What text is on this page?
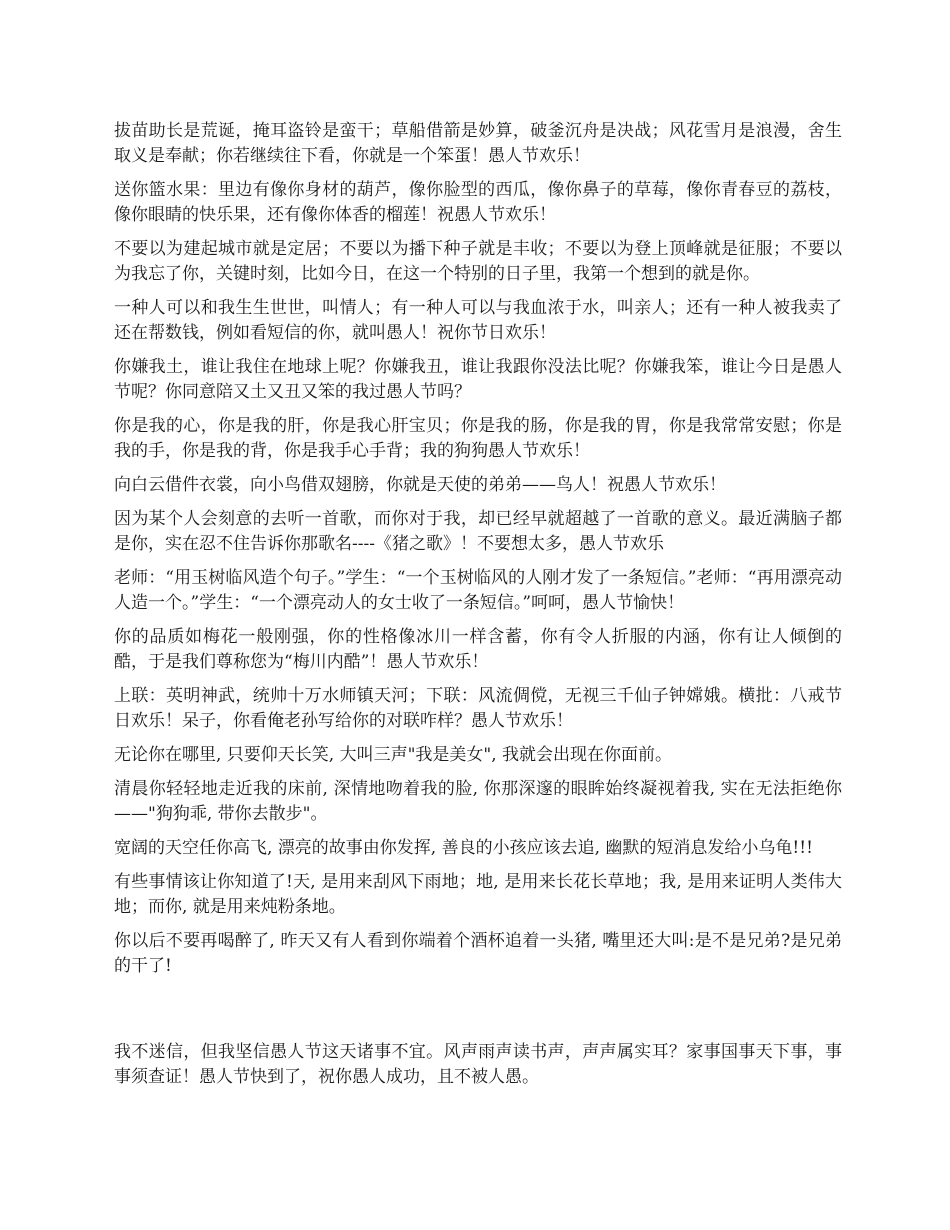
拔苗助长是荒诞，掩耳盗铃是蛮干；草船借箭是妙算，破釜沉舟是决战；风花雪月是浪漫，舍生取义是奉献；你若继续往下看，你就是一个笨蛋！愚人节欢乐！

送你篮水果：里边有像你身材的葫芦，像你脸型的西瓜，像你鼻子的草莓，像你青春豆的荔枝，像你眼睛的快乐果，还有像你体香的榴莲！祝愚人节欢乐！

不要以为建起城市就是定居；不要以为播下种子就是丰收；不要以为登上顶峰就是征服；不要以为我忘了你，关键时刻，比如今日，在这一个特别的日子里，我第一个想到的就是你。

一种人可以和我生生世世，叫情人；有一种人可以与我血浓于水，叫亲人；还有一种人被我卖了还在帮数钱，例如看短信的你，就叫愚人！祝你节日欢乐！

你嫌我土，谁让我住在地球上呢？你嫌我丑，谁让我跟你没法比呢？你嫌我笨，谁让今日是愚人节呢？你同意陪又土又丑又笨的我过愚人节吗？

你是我的心，你是我的肝，你是我心肝宝贝；你是我的肠，你是我的胃，你是我常常安慰；你是我的手，你是我的背，你是我手心手背；我的狗狗愚人节欢乐！

向白云借件衣裳，向小鸟借双翅膀，你就是天使的弟弟——鸟人！祝愚人节欢乐！

因为某个人会刻意的去听一首歌，而你对于我，却已经早就超越了一首歌的意义。最近满脑子都是你，实在忍不住告诉你那歌名----《猪之歌》！不要想太多，愚人节欢乐

老师：“用玉树临风造个句子。”学生：“一个玉树临风的人刚才发了一条短信。”老师：“再用漂亮动人造一个。”学生：“一个漂亮动人的女士收了一条短信。”呵呵，愚人节愉快！

你的品质如梅花一般刚强，你的性格像冰川一样含蓄，你有令人折服的内涵，你有让人倾倒的酷，于是我们尊称您为“梅川内酷”！愚人节欢乐！

上联：英明神武，统帅十万水师镇天河；下联：风流倜傥，无视三千仙子钟嫦娥。横批：八戒节日欢乐！呆子，你看俺老孙写给你的对联咋样？愚人节欢乐！

无论你在哪里, 只要仰天长笑, 大叫三声"我是美女", 我就会出现在你面前。

清晨你轻轻地走近我的床前, 深情地吻着我的脸, 你那深邃的眼眸始终凝视着我, 实在无法拒绝你——"狗狗乖, 带你去散步"。

宽阔的天空任你高飞, 漂亮的故事由你发挥, 善良的小孩应该去追, 幽默的短消息发给小乌龟!!!

有些事情该让你知道了!天, 是用来刮风下雨地；地, 是用来长花长草地；我, 是用来证明人类伟大地；而你, 就是用来炖粉条地。

你以后不要再喝醉了, 昨天又有人看到你端着个酒杯追着一头猪, 嘴里还大叫:是不是兄弟?是兄弟的干了!

我不迷信，但我坚信愚人节这天诸事不宜。风声雨声读书声，声声属实耳？家事国事天下事，事事须查证！愚人节快到了，祝你愚人成功，且不被人愚。
